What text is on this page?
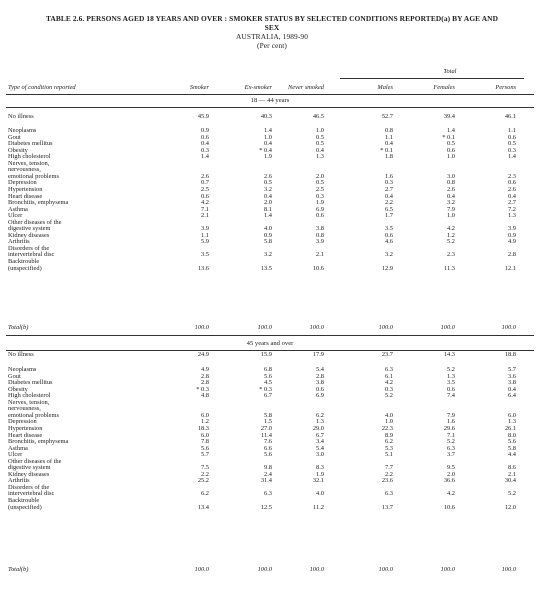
TABLE 2.6. PERSONS AGED 18 YEARS AND OVER : SMOKER STATUS BY SELECTED CONDITIONS REPORTED(a) BY AGE AND
SEX
AUSTRALIA, 1989-90
(Per cent)
Total
Type of condition reported	Smoker	Ex-smoker	Never smoked	Males	Females	Persons
18 — 44 years
No illness	45.9	40.3	46.5	52.7	39.4	46.1
Neoplasms	0.9	1.4	1.0	0.8	1.4	1.1
Gout	0.6	1.0	0.5	1.1	* 0.1	0.6
Diabetes mellitus	0.4	0.4	0.5	0.4	0.5	0.5
Obesity	0.3	* 0.4	0.4	* 0.1	0.6	0.3
High cholesterol	1.4	1.9	1.3	1.8	1.0	1.4
Nerves, tension,
nervousness,
emotional problems	2.6	2.6	2.0	1.6	3.0	2.3
Depression	0.7	0.5	0.5	0.3	0.8	0.6
Hypertension	2.5	3.2	2.5	2.7	2.6	2.6
Heart disease	0.6	0.4	0.3	0.4	0.4	0.4
Bronchitis, emphysema	4.2	2.0	1.9	2.2	3.2	2.7
Asthma	7.1	8.1	6.9	6.5	7.9	7.2
Ulcer	2.1	1.4	0.6	1.7	1.0	1.3
Other diseases of the
digestive system	3.9	4.0	3.8	3.5	4.2	3.9
Kidney diseases	1.1	0.9	0.8	0.6	1.2	0.9
Arthritis	5.9	5.8	3.9	4.6	5.2	4.9
Disorders of the
intervertebral disc	3.5	3.2	2.1	3.2	2.3	2.8
Backtrouble
(unspecified)	13.6	13.5	10.6	12.9	11.3	12.1
Total(b)	100.0	100.0	100.0	100.0	100.0	100.0
45 years and over
No illness	24.9	15.9	17.9	23.7	14.3	18.8
Neoplasms	4.9	6.8	5.4	6.3	5.2	5.7
Gout	2.8	5.6	2.8	6.1	1.3	3.6
Diabetes mellitus	2.8	4.5	3.8	4.2	3.5	3.8
Obesity	* 0.3	* 0.3	0.6	0.3	0.6	0.4
High cholesterol	4.8	6.7	6.9	5.2	7.4	6.4
Nerves, tension,
nervousness,
emotional problems	6.0	5.8	6.2	4.0	7.9	6.0
Depression	1.2	1.5	1.3	1.0	1.6	1.3
Hypertension	18.3	27.0	29.0	22.3	29.6	26.1
Heart disease	6.0	11.4	6.7	8.9	7.1	8.0
Bronchitis, emphysema	7.8	7.6	3.4	6.2	5.2	5.6
Asthma	5.6	6.6	5.4	5.3	6.3	5.8
Ulcer	5.7	5.6	3.0	5.1	3.7	4.4
Other diseases of the
digestive system	7.5	9.8	8.3	7.7	9.5	8.6
Kidney diseases	2.2	2.4	1.9	2.2	2.0	2.1
Arthritis	25.2	31.4	32.1	23.6	36.6	30.4
Disorders of the
intervertebral disc	6.2	6.3	4.0	6.3	4.2	5.2
Backtrouble
(unspecified)	13.4	12.5	11.2	13.7	10.6	12.0
Total(b)	100.0	100.0	100.0	100.0	100.0	100.0
